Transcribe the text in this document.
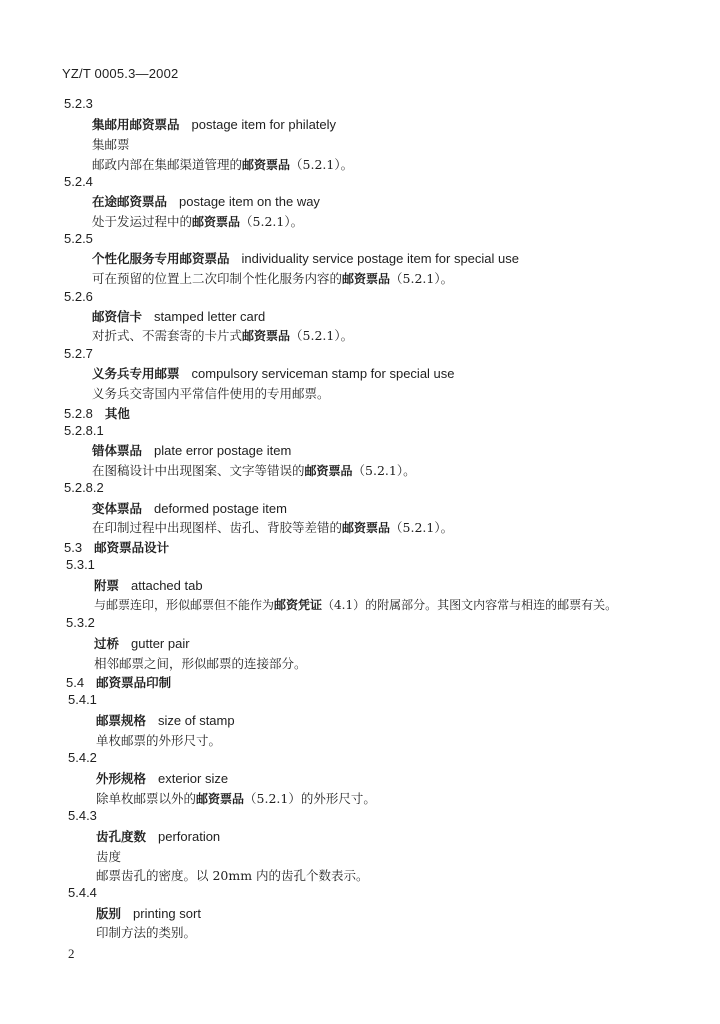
YZ/T 0005.3—2002
5.2.3
集邮用邮资票品 postage item for philately
集邮票
邮政内部在集邮渠道管理的邮资票品（5.2.1）。
5.2.4
在途邮资票品 postage item on the way
处于发运过程中的邮资票品（5.2.1）。
5.2.5
个性化服务专用邮资票品 individuality service postage item for special use
可在预留的位置上二次印制个性化服务内容的邮资票品（5.2.1）。
5.2.6
邮资信卡 stamped letter card
对折式、不需套寄的卡片式邮资票品（5.2.1）。
5.2.7
义务兵专用邮票 compulsory serviceman stamp for special use
义务兵交寄国内平常信件使用的专用邮票。
5.2.8 其他
5.2.8.1
错体票品 plate error postage item
在图稿设计中出现图案、文字等错误的邮资票品（5.2.1）。
5.2.8.2
变体票品 deformed postage item
在印制过程中出现图样、齿孔、背胶等差错的邮资票品（5.2.1）。
5.3 邮资票品设计
5.3.1
附票 attached tab
与邮票连印，形似邮票但不能作为邮资凭证（4.1）的附属部分。其图文内容常与相连的邮票有关。
5.3.2
过桥 gutter pair
相邻邮票之间，形似邮票的连接部分。
5.4 邮资票品印制
5.4.1
邮票规格 size of stamp
单枚邮票的外形尺寸。
5.4.2
外形规格 exterior size
除单枚邮票以外的邮资票品（5.2.1）的外形尺寸。
5.4.3
齿孔度数 perforation
齿度
邮票齿孔的密度。以 20mm 内的齿孔个数表示。
5.4.4
版别 printing sort
印制方法的类别。
2
